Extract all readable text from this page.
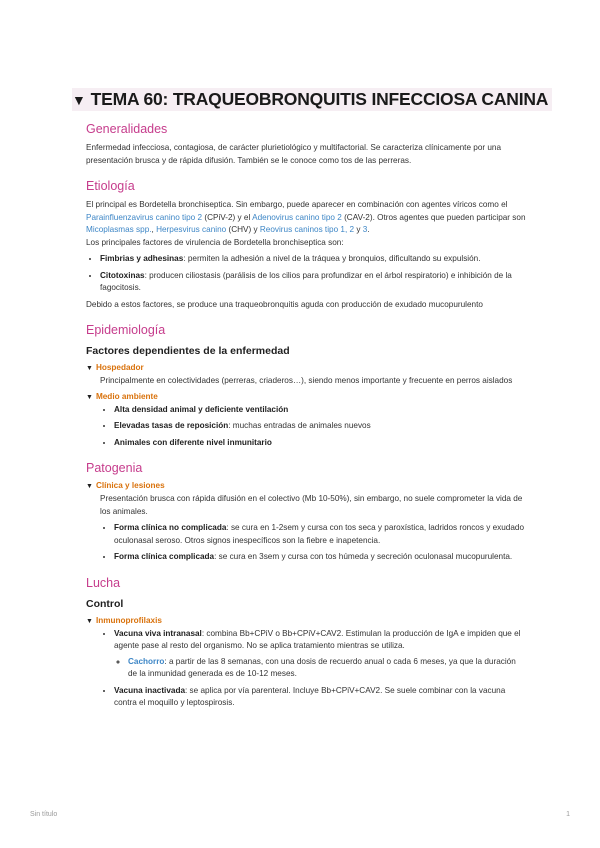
▼ TEMA 60: TRAQUEOBRONQUITIS INFECCIOSA CANINA
Generalidades

Enfermedad infecciosa, contagiosa, de carácter plurietiológico y multifactorial. Se caracteriza clínicamente por una presentación brusca y de rápida difusión. También se le conoce como tos de las perreras.

Etiología

El principal es Bordetella bronchiseptica. Sin embargo, puede aparecer en combinación con agentes víricos como el Parainfluenzavirus canino tipo 2 (CPiV-2) y el Adenovirus canino tipo 2 (CAV-2). Otros agentes que pueden participar son Micoplasmas spp., Herpesvirus canino (CHV) y Reovirus caninos tipo 1, 2 y 3.
Los principales factores de virulencia de Bordetella bronchiseptica son:

• Fimbrias y adhesinas: permiten la adhesión a nivel de la tráquea y bronquios, dificultando su expulsión.
• Citotoxinas: producen ciliostasis (parálisis de los cilios para profundizar en el árbol respiratorio) e inhibición de la fagocitosis.

Debido a estos factores, se produce una traqueobronquitis aguda con producción de exudado mucopurulento

Epidemiología
Factores dependientes de la enfermedad
▼ Hospedador

Principalmente en colectividades (perreras, criaderos…), siendo menos importante y frecuente en perros aislados

▼ Medio ambiente
• Alta densidad animal y deficiente ventilación
• Elevadas tasas de reposición: muchas entradas de animales nuevos
• Animales con diferente nivel inmunitario
Patogenia
▼ Clínica y lesiones

Presentación brusca con rápida difusión en el colectivo (Mb 10-50%), sin embargo, no suele comprometer la vida de los animales.

• Forma clínica no complicada: se cura en 1-2sem y cursa con tos seca y paroxística, ladridos roncos y exudado oculonasal seroso. Otros signos inespecíficos son la fiebre e inapetencia.
• Forma clínica complicada: se cura en 3sem y cursa con tos húmeda y secreción oculonasal mucopurulenta.
Lucha
Control
▼ Inmunoprofilaxis
• Vacuna viva intranasal: combina Bb+CPiV o Bb+CPiV+CAV2. Estimulan la producción de IgA e impiden que el agente pase al resto del organismo. No se aplica tratamiento mientras se utiliza.
◦ Cachorro: a partir de las 8 semanas, con una dosis de recuerdo anual o cada 6 meses, ya que la duración de la inmunidad generada es de 10-12 meses.
• Vacuna inactivada: se aplica por vía parenteral. Incluye Bb+CPiV+CAV2. Se suele combinar con la vacuna contra el moquillo y leptospirosis.
Sin título	1
